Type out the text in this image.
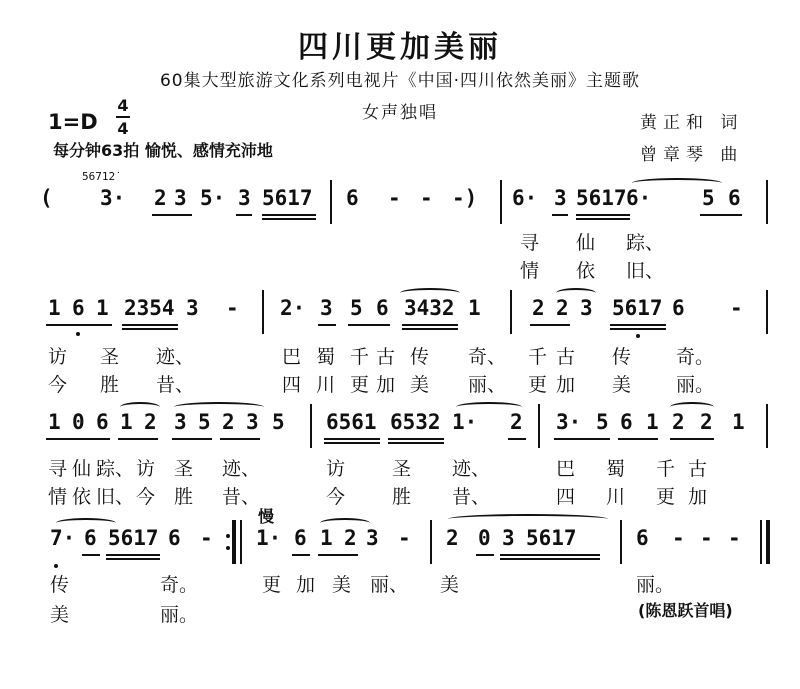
四川更加美丽
60集大型旅游文化系列电视片《中国·四川依然美丽》主题歌
女声独唱
1=D
4
4
每分钟63拍 愉悦、感情充沛地
黄正和 词
曾章琴 曲
5671̇2̇
( 3· 2 3 5· 3 5617 6 - - -) 6· 3 5617 6· 5 6
寻 仙 踪、
情 依 旧、
1 6 1 2354 3 - 2· 3 5 6 3432 1 2 2 3 5617 6 -
访 圣 迹、	巴 蜀 千 古 传 奇、 千 古 传 奇。
今 胜 昔、	四 川 更 加 美 丽、 更 加 美 丽。
1 0 6 1 2 3 5 2 3 5 6561 6532 1· 2 3· 5 6 1 2 2 1
寻 仙 踪、 访 圣 迹、	访 圣 迹、	巴 蜀 千 古
情 依 旧、 今 胜 昔、	今 胜 昔、	四 川 更 加
慢
7· 6 5617 6 - 1· 6 1 2 3 - 2 0 3 5617	6 - - -
传	奇。	更 加 美 丽、 美	丽。
美	丽。	(陈恩跃首唱)
